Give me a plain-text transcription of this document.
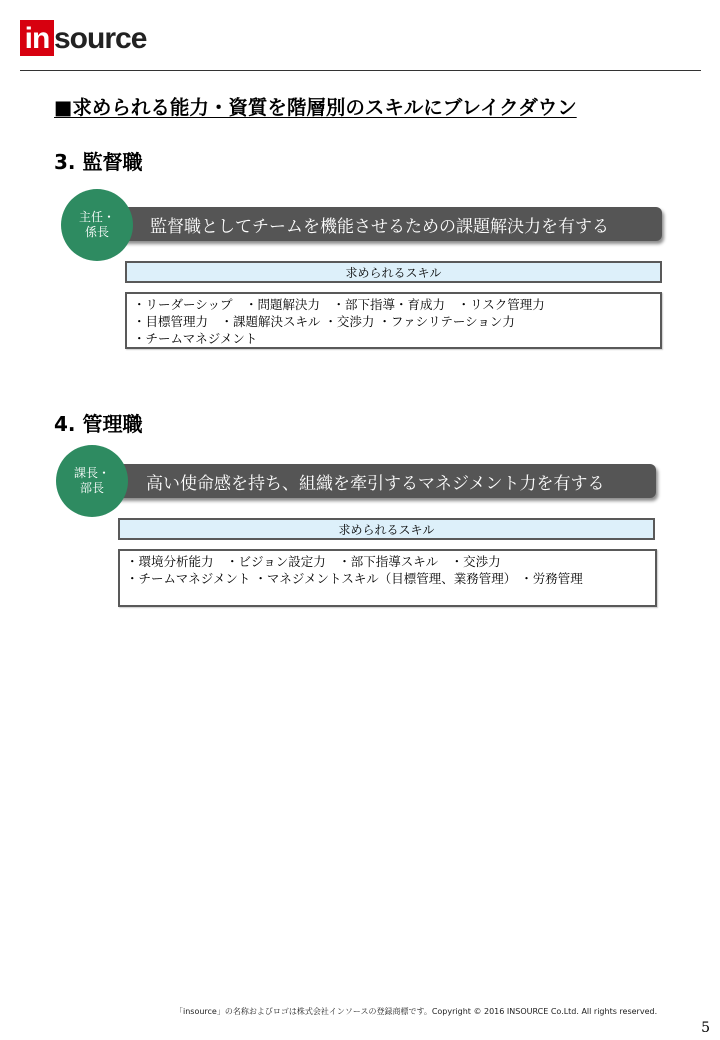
in source
■求められる能力・資質を階層別のスキルにブレイクダウン
3. 監督職
監督職としてチームを機能させるための課題解決力を有する
主任・
係長
求められるスキル
・リーダーシップ　・問題解決力　・部下指導・育成力　・リスク管理力
・目標管理力　・課題解決スキル ・交渉力 ・ファシリテーション力
・チームマネジメント
4. 管理職
高い使命感を持ち、組織を牽引するマネジメント力を有する
課長・
部長
求められるスキル
・環境分析能力　・ビジョン設定力　・部下指導スキル　・交渉力
・チームマネジメント ・マネジメントスキル（目標管理、業務管理） ・労務管理
「insource」の名称およびロゴは株式会社インソースの登録商標です。Copyright © 2016 INSOURCE Co.Ltd. All rights reserved.
5
